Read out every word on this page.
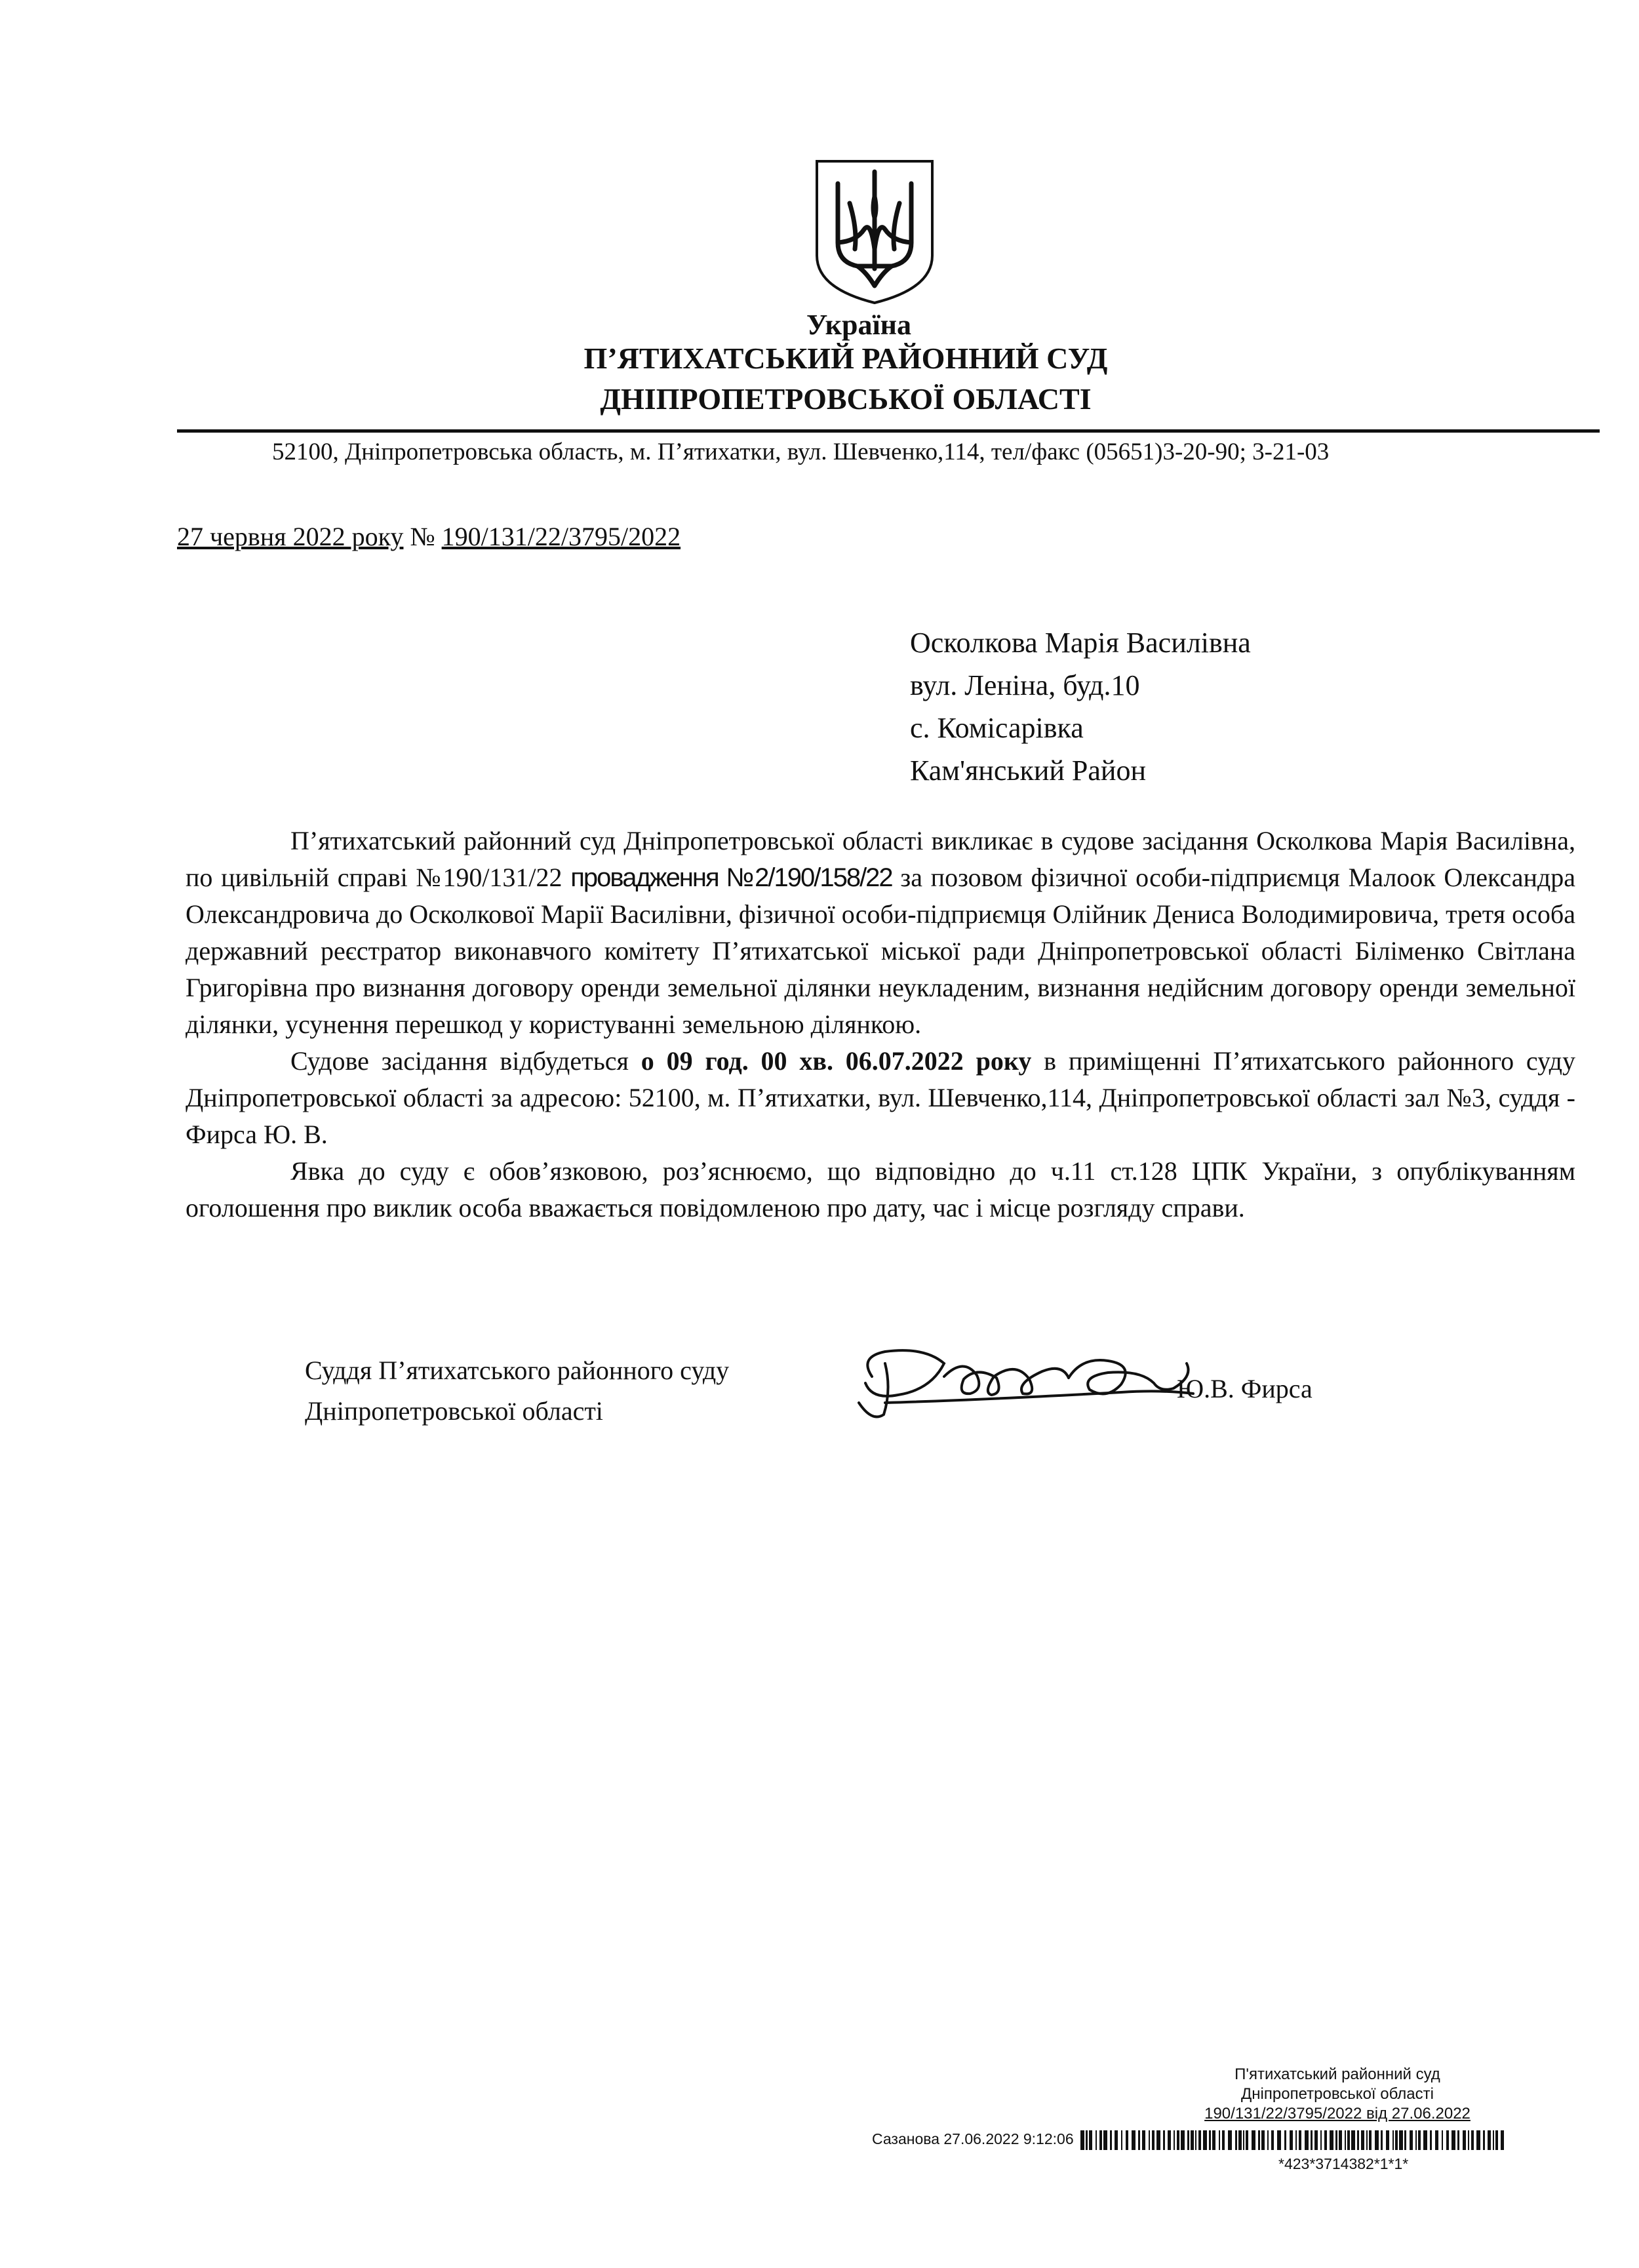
Україна
П’ЯТИХАТСЬКИЙ РАЙОННИЙ СУД
ДНІПРОПЕТРОВСЬКОЇ ОБЛАСТІ
52100, Дніпропетровська область, м. П’ятихатки, вул. Шевченко,114, тел/факс (05651)3-20-90; 3-21-03
27 червня 2022 року № 190/131/22/3795/2022
Осколкова Марія Василівна
вул. Леніна, буд.10
с. Комісарівка
Кам'янський Район

П’ятихатський районний суд Дніпропетровської області викликає в судове засідання Осколкова Марія Василівна, по цивільній справі №190/131/22 провадження №2/190/158/22 за позовом фізичної особи-підприємця Малоок Олександра Олександровича до Осколкової Марії Василівни, фізичної особи-підприємця Олійник Дениса Володимировича, третя особа державний реєстратор виконавчого комітету П’ятихатської міської ради Дніпропетровської області Біліменко Світлана Григорівна про визнання договору оренди земельної ділянки неукладеним, визнання недійсним договору оренди земельної ділянки, усунення перешкод у користуванні земельною ділянкою.

Судове засідання відбудеться о 09 год. 00 хв. 06.07.2022 року в приміщенні П’ятихатського районного суду Дніпропетровської області за адресою: 52100, м. П’ятихатки, вул. Шевченко,114, Дніпропетровської області зал №3, суддя - Фирса Ю. В.

Явка до суду є обов’язковою, роз’яснюємо, що відповідно до ч.11 ст.128 ЦПК України, з опублікуванням оголошення про виклик особа вважається повідомленою про дату, час і місце розгляду справи.

Суддя П’ятихатського районного суду
Дніпропетровської області
Ю.В. Фирса
П'ятихатський районний суд
Дніпропетровської області
190/131/22/3795/2022 від 27.06.2022
Сазанова 27.06.2022 9:12:06
*423*3714382*1*1*
